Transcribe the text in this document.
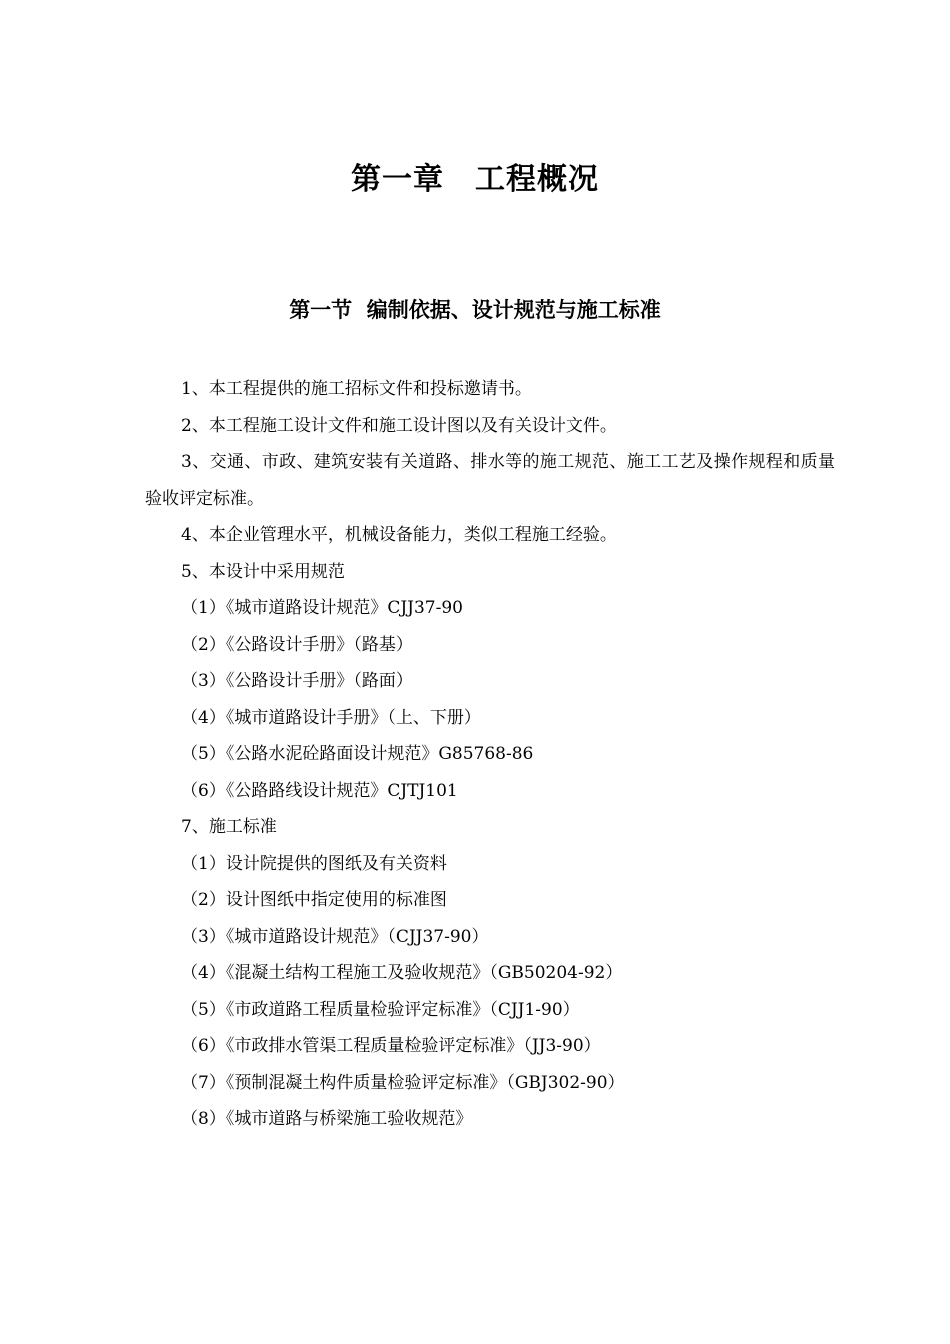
第一章　工程概况
第一节  编制依据、设计规范与施工标准

1、本工程提供的施工招标文件和投标邀请书。

2、本工程施工设计文件和施工设计图以及有关设计文件。

3、交通、市政、建筑安装有关道路、排水等的施工规范、施工工艺及操作规程和质量验收评定标准。

4、本企业管理水平，机械设备能力，类似工程施工经验。

5、本设计中采用规范

（1）《城市道路设计规范》CJJ37-90

（2）《公路设计手册》（路基）

（3）《公路设计手册》（路面）

（4）《城市道路设计手册》（上、下册）

（5）《公路水泥砼路面设计规范》G85768-86

（6）《公路路线设计规范》CJTJ101

7、施工标准

（1）设计院提供的图纸及有关资料

（2）设计图纸中指定使用的标准图

（3）《城市道路设计规范》（CJJ37-90）

（4）《混凝土结构工程施工及验收规范》（GB50204-92）

（5）《市政道路工程质量检验评定标准》（CJJ1-90）

（6）《市政排水管渠工程质量检验评定标准》（JJ3-90）

（7）《预制混凝土构件质量检验评定标准》（GBJ302-90）

（8）《城市道路与桥梁施工验收规范》
